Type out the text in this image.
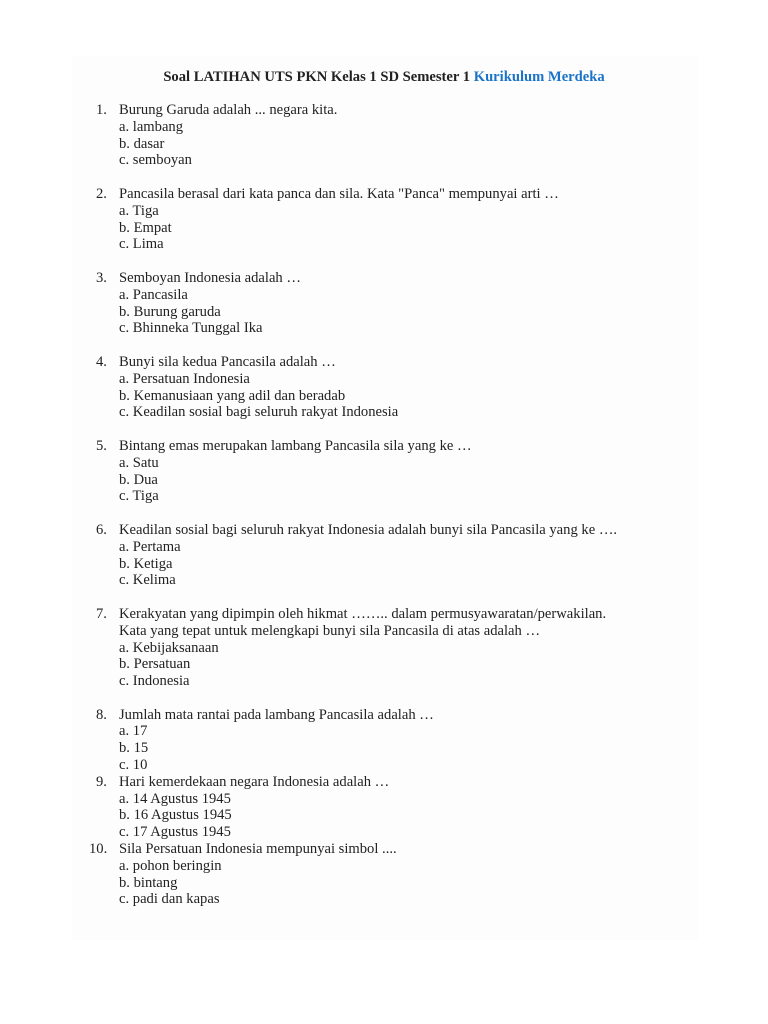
Soal LATIHAN UTS PKN Kelas 1 SD Semester 1 Kurikulum Merdeka
1. Burung Garuda adalah ... negara kita.
a. lambang
b. dasar
c. semboyan
2. Pancasila berasal dari kata panca dan sila. Kata "Panca" mempunyai arti …
a. Tiga
b. Empat
c. Lima
3. Semboyan Indonesia adalah …
a. Pancasila
b. Burung garuda
c. Bhinneka Tunggal Ika
4. Bunyi sila kedua Pancasila adalah …
a. Persatuan Indonesia
b. Kemanusiaan yang adil dan beradab
c. Keadilan sosial bagi seluruh rakyat Indonesia
5. Bintang emas merupakan lambang Pancasila sila yang ke …
a. Satu
b. Dua
c. Tiga
6. Keadilan sosial bagi seluruh rakyat Indonesia adalah bunyi sila Pancasila yang ke ….
a. Pertama
b. Ketiga
c. Kelima
7. Kerakyatan yang dipimpin oleh hikmat …….. dalam permusyawaratan/perwakilan.
Kata yang tepat untuk melengkapi bunyi sila Pancasila di atas adalah …
a. Kebijaksanaan
b. Persatuan
c. Indonesia
8. Jumlah mata rantai pada lambang Pancasila adalah …
a. 17
b. 15
c. 10
9. Hari kemerdekaan negara Indonesia adalah …
a. 14 Agustus 1945
b. 16 Agustus 1945
c. 17 Agustus 1945
10. Sila Persatuan Indonesia mempunyai simbol ....
a. pohon beringin
b. bintang
c. padi dan kapas
